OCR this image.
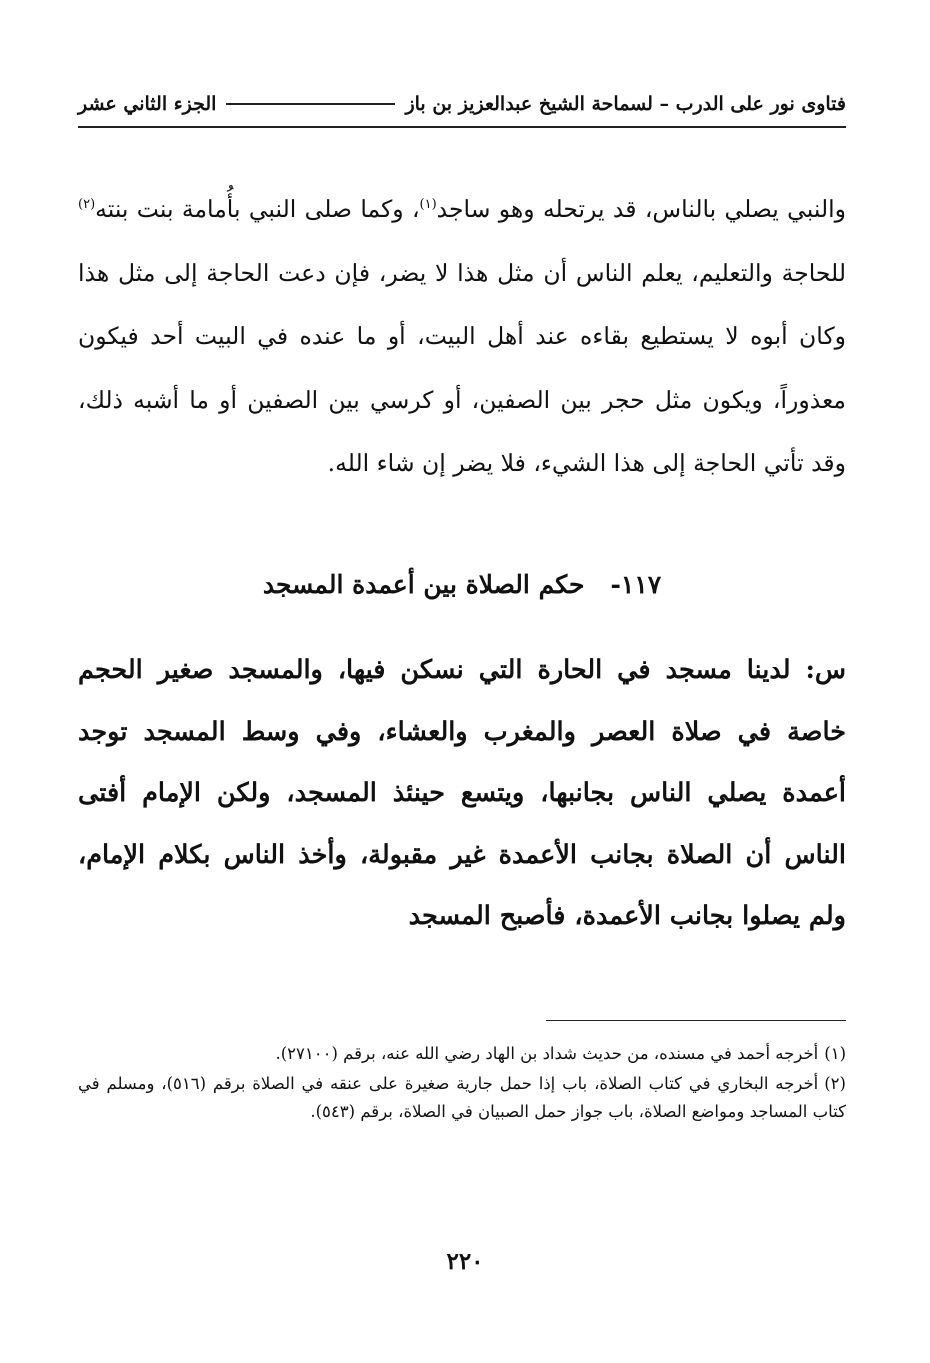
فتاوى نور على الدرب – لسماحة الشيخ عبدالعزيز بن باز
الجزء الثاني عشر
والنبي يصلي بالناس، قد يرتحله وهو ساجد$^{(١)}$، وكما صلى النبي بأُمامة بنت بنته$^{(٢)}$ للحاجة والتعليم، يعلم الناس أن مثل هذا لا يضر، فإن دعت الحاجة إلى مثل هذا وكان أبوه لا يستطيع بقاءه عند أهل البيت، أو ما عنده في البيت أحد فيكون معذوراً، ويكون مثل حجر بين الصفين، أو كرسي بين الصفين أو ما أشبه ذلك، وقد تأتي الحاجة إلى هذا الشيء، فلا يضر إن شاء الله.
١١٧-حكم الصلاة بين أعمدة المسجد
س: لدينا مسجد في الحارة التي نسكن فيها، والمسجد صغير الحجم خاصة في صلاة العصر والمغرب والعشاء، وفي وسط المسجد توجد أعمدة يصلي الناس بجانبها، ويتسع حينئذ المسجد، ولكن الإمام أفتى الناس أن الصلاة بجانب الأعمدة غير مقبولة، وأخذ الناس بكلام الإمام، ولم يصلوا بجانب الأعمدة، فأصبح المسجد

(١)أخرجه أحمد في مسنده، من حديث شداد بن الهاد رضي الله عنه، برقم (٢٧١٠٠).

(٢)أخرجه البخاري في كتاب الصلاة، باب إذا حمل جارية صغيرة على عنقه في الصلاة برقم (٥١٦)، ومسلم في كتاب المساجد ومواضع الصلاة، باب جواز حمل الصبيان في الصلاة، برقم (٥٤٣).

٢٢٠
